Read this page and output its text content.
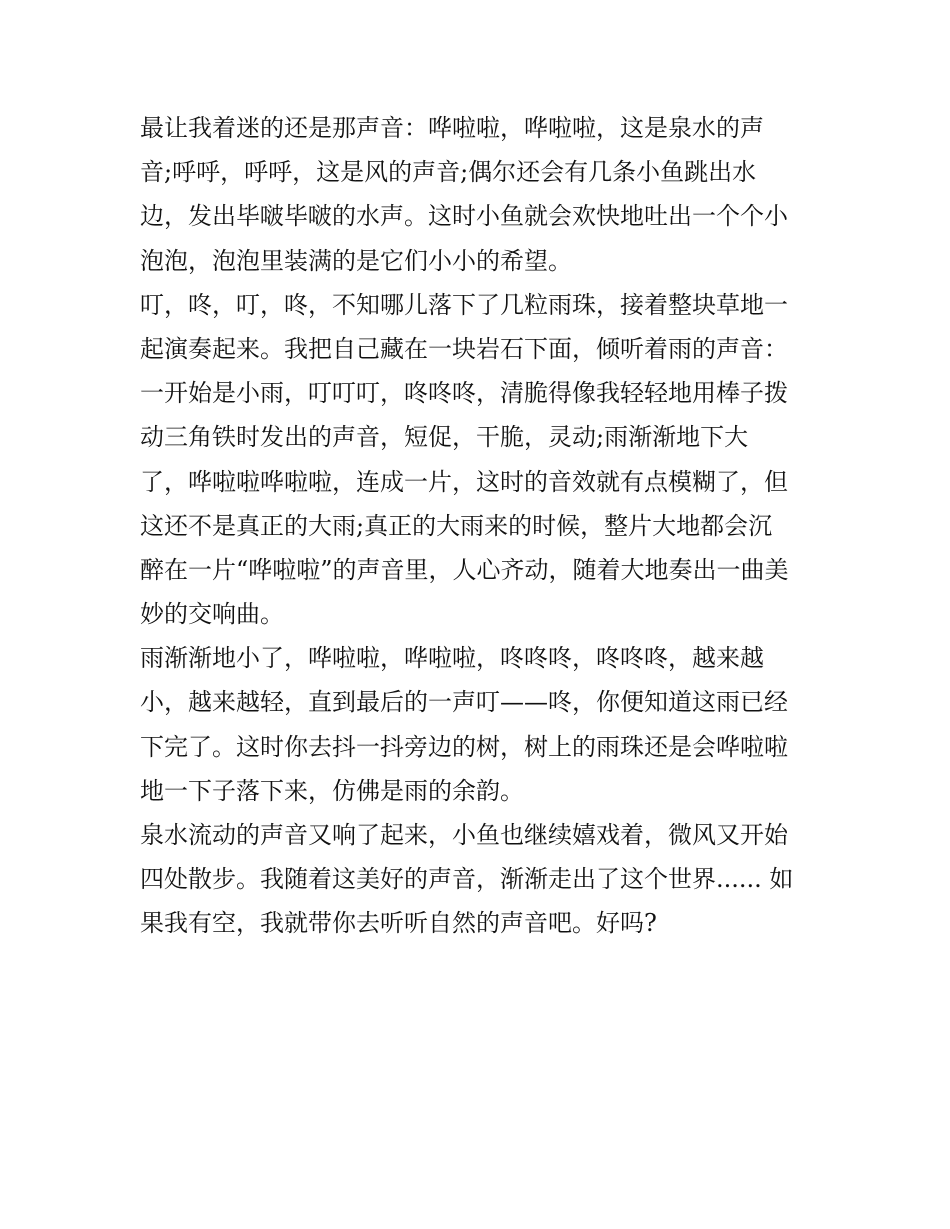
最让我着迷的还是那声音：哗啦啦，哗啦啦，这是泉水的声
音;呼呼，呼呼，这是风的声音;偶尔还会有几条小鱼跳出水
边，发出毕啵毕啵的水声。这时小鱼就会欢快地吐出一个个小
泡泡，泡泡里装满的是它们小小的希望。
叮，咚，叮，咚，不知哪儿落下了几粒雨珠，接着整块草地一
起演奏起来。我把自己藏在一块岩石下面，倾听着雨的声音：
一开始是小雨，叮叮叮，咚咚咚，清脆得像我轻轻地用棒子拨
动三角铁时发出的声音，短促，干脆，灵动;雨渐渐地下大
了，哗啦啦哗啦啦，连成一片，这时的音效就有点模糊了，但
这还不是真正的大雨;真正的大雨来的时候，整片大地都会沉
醉在一片“哗啦啦”的声音里，人心齐动，随着大地奏出一曲美
妙的交响曲。
雨渐渐地小了，哗啦啦，哗啦啦，咚咚咚，咚咚咚，越来越
小，越来越轻，直到最后的一声叮——咚，你便知道这雨已经
下完了。这时你去抖一抖旁边的树，树上的雨珠还是会哗啦啦
地一下子落下来，仿佛是雨的余韵。
泉水流动的声音又响了起来，小鱼也继续嬉戏着，微风又开始
四处散步。我随着这美好的声音，渐渐走出了这个世界...... 如
果我有空，我就带你去听听自然的声音吧。好吗?
